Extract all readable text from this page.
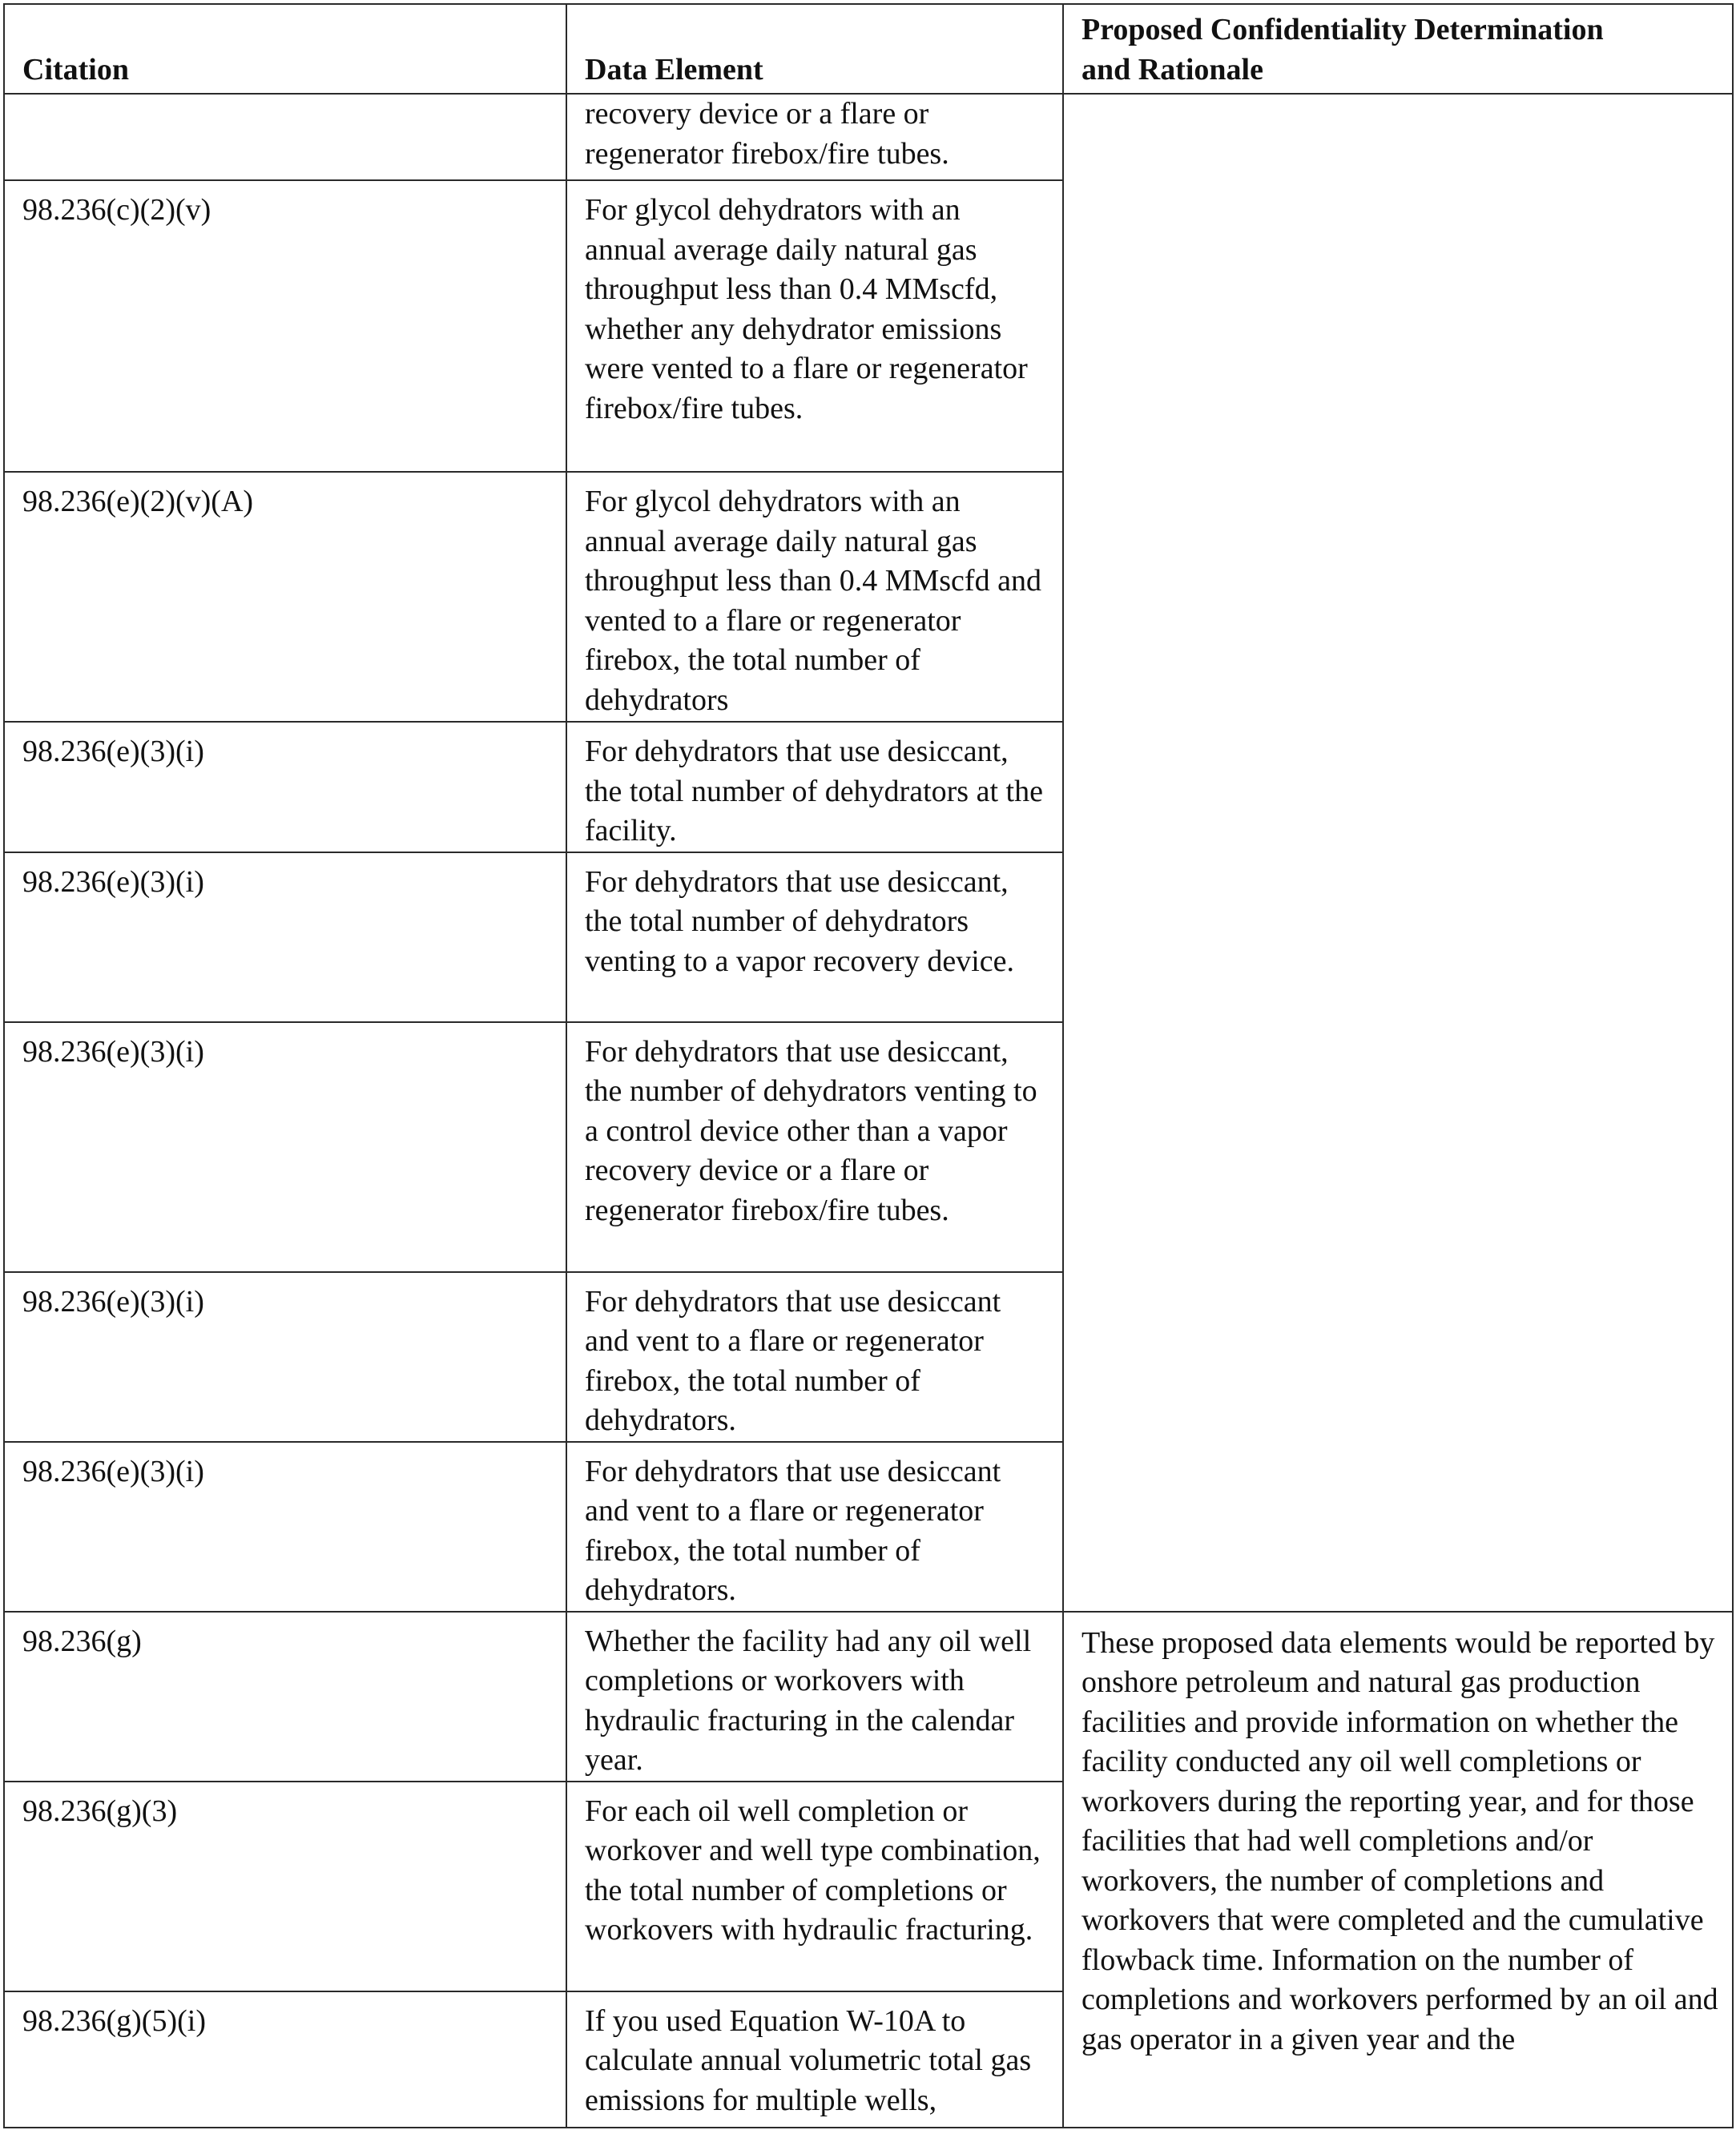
Citation	Data Element	Proposed Confidentiality Determination
and Rationale

	recovery device or a flare or regenerator firebox/fire tubes.	
98.236(c)(2)(v)	For glycol dehydrators with an annual average daily natural gas throughput less than 0.4 MMscfd, whether any dehydrator emissions were vented to a flare or regenerator firebox/fire tubes.	
98.236(e)(2)(v)(A)	For glycol dehydrators with an annual average daily natural gas throughput less than 0.4 MMscfd and vented to a flare or regenerator firebox, the total number of dehydrators	
98.236(e)(3)(i)	For dehydrators that use desiccant, the total number of dehydrators at the facility.	
98.236(e)(3)(i)	For dehydrators that use desiccant, the total number of dehydrators venting to a vapor recovery device.	
98.236(e)(3)(i)	For dehydrators that use desiccant, the number of dehydrators venting to a control device other than a vapor recovery device or a flare or regenerator firebox/fire tubes.	
98.236(e)(3)(i)	For dehydrators that use desiccant and vent to a flare or regenerator firebox, the total number of dehydrators.	
98.236(e)(3)(i)	For dehydrators that use desiccant and vent to a flare or regenerator firebox, the total number of dehydrators.	
98.236(g)	Whether the facility had any oil well completions or workovers with hydraulic fracturing in the calendar year.	These proposed data elements would be reported by onshore petroleum and natural gas production facilities and provide information on whether the facility conducted any oil well completions or workovers during the reporting year, and for those facilities that had well completions and/or workovers, the number of completions and workovers that were completed and the cumulative flowback time. Information on the number of completions and workovers performed by an oil and gas operator in a given year and the
98.236(g)(3)	For each oil well completion or workover and well type combination, the total number of completions or workovers with hydraulic fracturing.	
98.236(g)(5)(i)	If you used Equation W-10A to calculate annual volumetric total gas emissions for multiple wells,	
